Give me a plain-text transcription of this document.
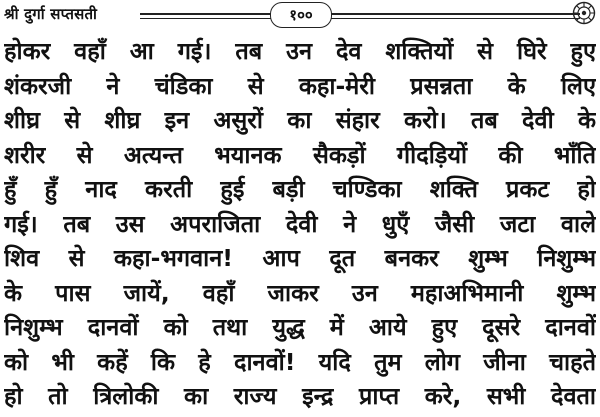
श्री दुर्गा सप्तसती	१००
होकर वहाँ आ गई। तब उन देव शक्तियों से घिरे हुए
शंकरजी ने चंडिका से कहा-मेरी प्रसन्नता के लिए
शीघ्र से शीघ्र इन असुरों का संहार करो। तब देवी के
शरीर से अत्यन्त भयानक सैकड़ों गीदड़ियों की भाँति
हुँ हुँ नाद करती हुई बड़ी चण्डिका शक्ति प्रकट हो
गई। तब उस अपराजिता देवी ने धुएँ जैसी जटा वाले
शिव से कहा-भगवान! आप दूत बनकर शुम्भ निशुम्भ
के पास जायें, वहाँ जाकर उन महाअभिमानी शुम्भ
निशुम्भ दानवों को तथा युद्ध में आये हुए दूसरे दानवों
को भी कहें कि हे दानवों! यदि तुम लोग जीना चाहते
हो तो त्रिलोकी का राज्य इन्द्र प्राप्त करे, सभी देवता
